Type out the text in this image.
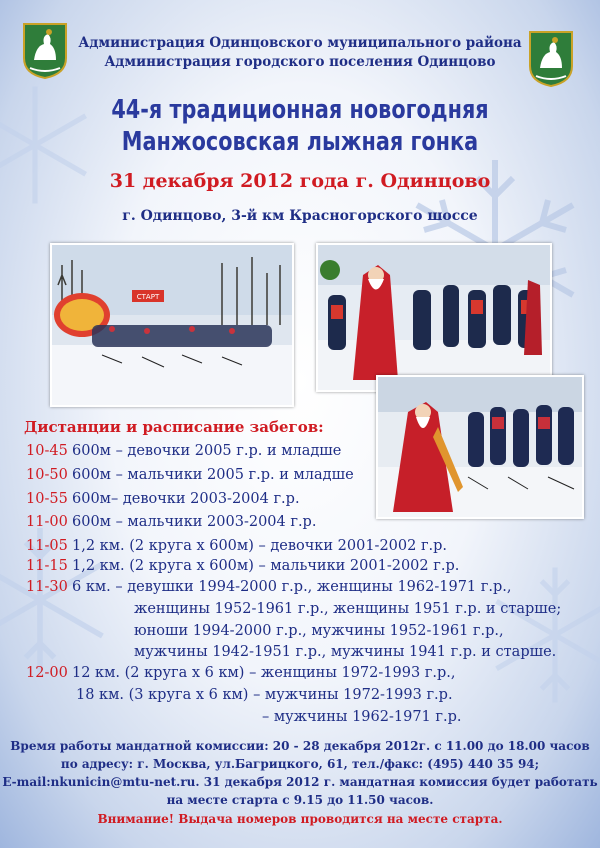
Администрация Одинцовского муниципального района
Администрация городского поселения Одинцово
44-я традиционная новогодняя
Манжосовская лыжная гонка
31 декабря 2012 года г. Одинцово
г. Одинцово, 3-й км Красногорского шоссе
СТАРТ
Дистанции и расписание забегов:
10-45 600м – девочки 2005 г.р. и младше
10-50 600м – мальчики 2005 г.р. и младше
10-55 600м– девочки 2003-2004 г.р.
11-00 600м – мальчики 2003-2004 г.р.
11-05 1,2 км. (2 круга х 600м) – девочки 2001-2002 г.р.
11-15 1,2 км. (2 круга х 600м) – мальчики 2001-2002 г.р.
11-30 6 км. – девушки 1994-2000 г.р., женщины 1962-1971 г.р.,
женщины 1952-1961 г.р., женщины 1951 г.р. и старше;
юноши 1994-2000 г.р., мужчины 1952-1961 г.р.,
мужчины 1942-1951 г.р., мужчины 1941 г.р. и старше.
12-00 12 км. (2 круга х 6 км) – женщины 1972-1993 г.р.,
18 км. (3 круга х 6 км) – мужчины 1972-1993 г.р.
– мужчины 1962-1971 г.р.
Время работы мандатной комиссии: 20 - 28 декабря 2012г. с 11.00 до 18.00 часов
по адресу: г. Москва, ул.Багрицкого, 61, тел./факс: (495) 440 35 94;
E-mail:nkunicin@mtu-net.ru. 31 декабря 2012 г. мандатная комиссия будет работать
на месте старта с 9.15 до 11.50 часов.
Внимание! Выдача номеров проводится на месте старта.
